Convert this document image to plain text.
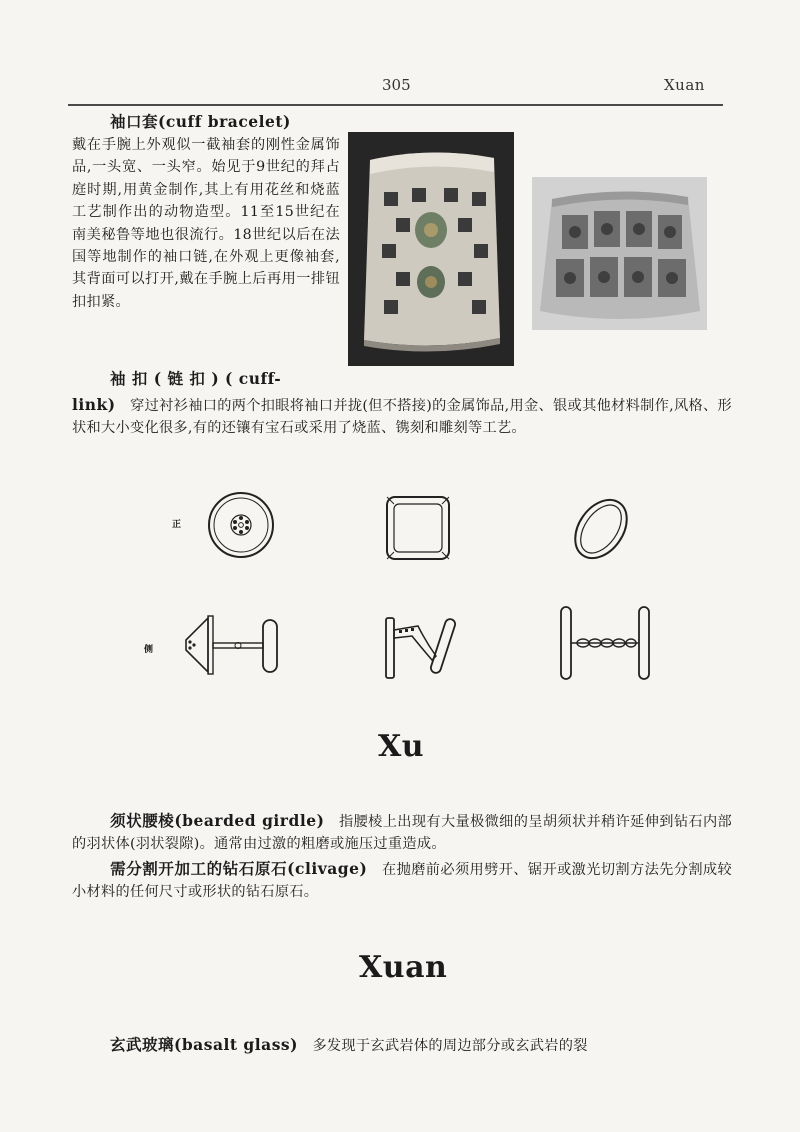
305	Xuan
袖口套(cuff bracelet)
戴在手腕上外观似一截袖套的刚性金属饰品,一头宽、一头窄。始见于9世纪的拜占庭时期,用黄金制作,其上有用花丝和烧蓝工艺制作出的动物造型。11至15世纪在南美秘鲁等地也很流行。18世纪以后在法国等地制作的袖口链,在外观上更像袖套,其背面可以打开,戴在手腕上后再用一排钮扣扣紧。
袖 扣 ( 链 扣 ) ( cuff-
link) 穿过衬衫袖口的两个扣眼将袖口并拢(但不搭接)的金属饰品,用金、银或其他材料制作,风格、形状和大小变化很多,有的还镶有宝石或采用了烧蓝、镌刻和雕刻等工艺。
正
侧
Xu
须状腰棱(bearded girdle) 指腰棱上出现有大量极微细的呈胡须状并稍许延伸到钻石内部的羽状体(羽状裂隙)。通常由过激的粗磨或施压过重造成。
需分割开加工的钻石原石(clivage) 在抛磨前必须用劈开、锯开或激光切割方法先分割成较小材料的任何尺寸或形状的钻石原石。
Xuan
玄武玻璃(basalt glass) 多发现于玄武岩体的周边部分或玄武岩的裂
